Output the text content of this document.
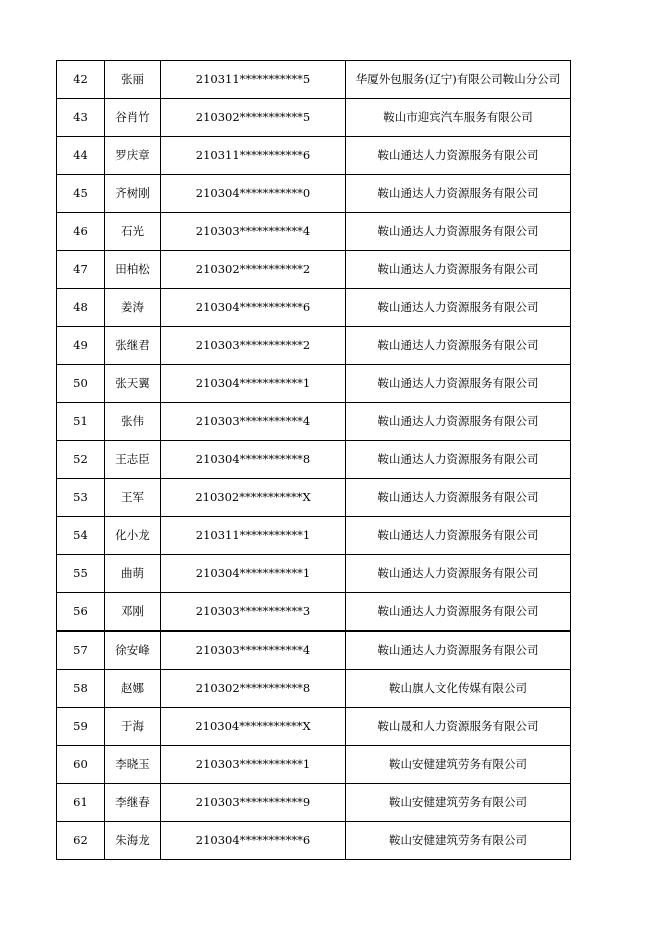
42	张丽	210311***********5	华厦外包服务(辽宁)有限公司鞍山分公司
43	谷肖竹	210302***********5	鞍山市迎宾汽车服务有限公司
44	罗庆章	210311***********6	鞍山通达人力资源服务有限公司
45	齐树刚	210304***********0	鞍山通达人力资源服务有限公司
46	石光	210303***********4	鞍山通达人力资源服务有限公司
47	田柏松	210302***********2	鞍山通达人力资源服务有限公司
48	姜涛	210304***********6	鞍山通达人力资源服务有限公司
49	张继君	210303***********2	鞍山通达人力资源服务有限公司
50	张天翼	210304***********1	鞍山通达人力资源服务有限公司
51	张伟	210303***********4	鞍山通达人力资源服务有限公司
52	王志臣	210304***********8	鞍山通达人力资源服务有限公司
53	王军	210302***********X	鞍山通达人力资源服务有限公司
54	化小龙	210311***********1	鞍山通达人力资源服务有限公司
55	曲萌	210304***********1	鞍山通达人力资源服务有限公司
56	邓刚	210303***********3	鞍山通达人力资源服务有限公司
57	徐安峰	210303***********4	鞍山通达人力资源服务有限公司
58	赵娜	210302***********8	鞍山旗人文化传媒有限公司
59	于海	210304***********X	鞍山晟和人力资源服务有限公司
60	李晓玉	210303***********1	鞍山安健建筑劳务有限公司
61	李继春	210303***********9	鞍山安健建筑劳务有限公司
62	朱海龙	210304***********6	鞍山安健建筑劳务有限公司
